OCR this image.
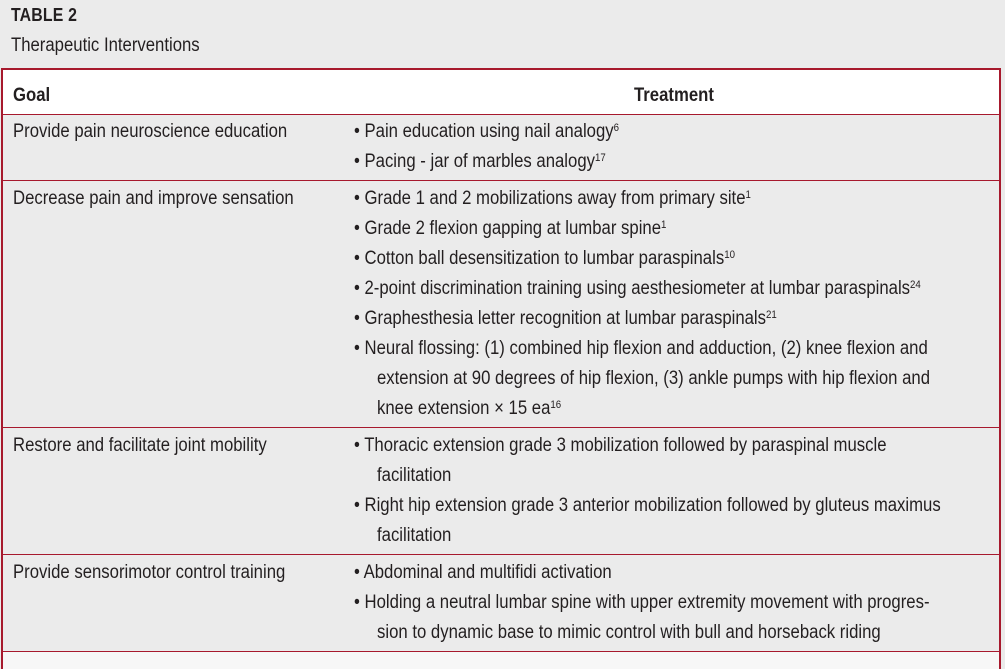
TABLE 2
Therapeutic Interventions
Goal	Treatment
Provide pain neuroscience education	• Pain education using nail analogy$^6$
• Pacing - jar of marbles analogy$^{17}$
Decrease pain and improve sensation	• Grade 1 and 2 mobilizations away from primary site$^1$
• Grade 2 flexion gapping at lumbar spine$^1$
• Cotton ball desensitization to lumbar paraspinals$^{10}$
• 2-point discrimination training using aesthesiometer at lumbar paraspinals$^{24}$
• Graphesthesia letter recognition at lumbar paraspinals$^{21}$
• Neural flossing: (1) combined hip flexion and adduction, (2) knee flexion and
extension at 90 degrees of hip flexion, (3) ankle pumps with hip flexion and
knee extension × 15 $ea^{16}$
Restore and facilitate joint mobility	• Thoracic extension grade 3 mobilization followed by paraspinal muscle
facilitation
• Right hip extension grade 3 anterior mobilization followed by gluteus maximus
facilitation
Provide sensorimotor control training	• Abdominal and multifidi activation
• Holding a neutral lumbar spine with upper extremity movement with progres-
sion to dynamic base to mimic control with bull and horseback riding
